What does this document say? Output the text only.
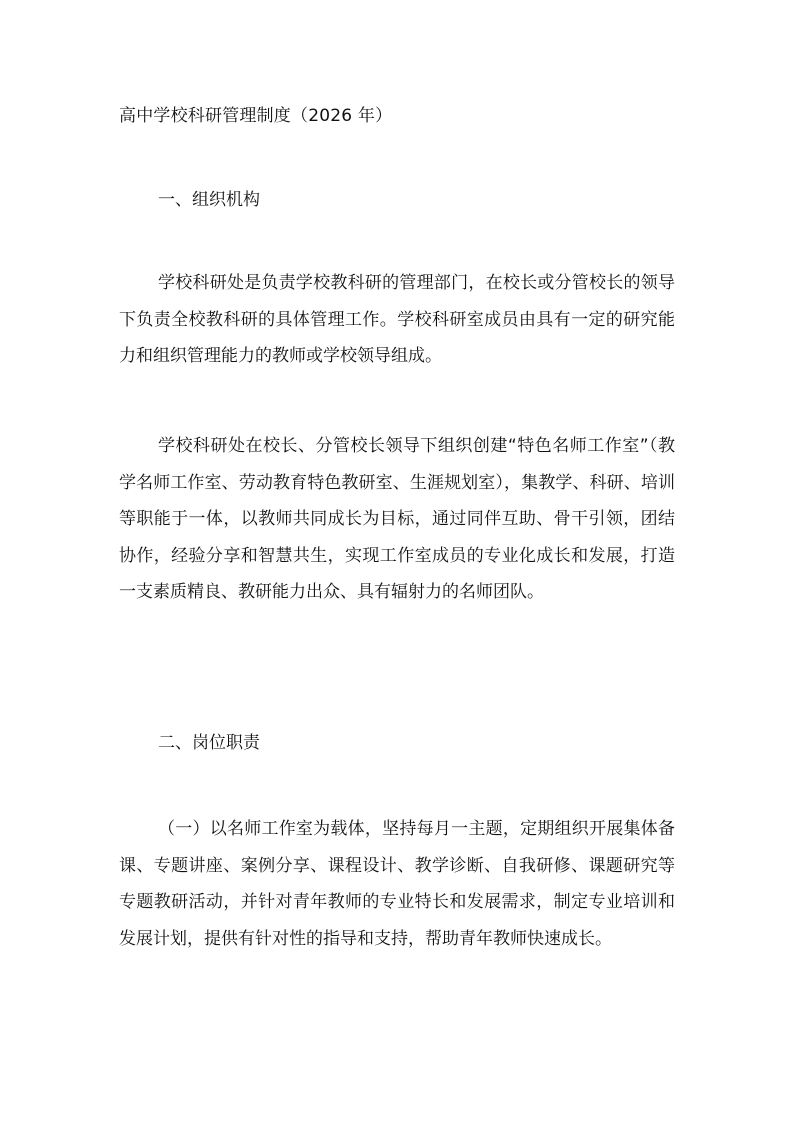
高中学校科研管理制度（2026 年）
一、组织机构

学校科研处是负责学校教科研的管理部门，在校长或分管校长的领导下负责全校教科研的具体管理工作。学校科研室成员由具有一定的研究能力和组织管理能力的教师或学校领导组成。

学校科研处在校长、分管校长领导下组织创建“特色名师工作室”（教学名师工作室、劳动教育特色教研室、生涯规划室），集教学、科研、培训等职能于一体，以教师共同成长为目标，通过同伴互助、骨干引领，团结协作，经验分享和智慧共生，实现工作室成员的专业化成长和发展，打造一支素质精良、教研能力出众、具有辐射力的名师团队。

二、岗位职责

（一）以名师工作室为载体，坚持每月一主题，定期组织开展集体备课、专题讲座、案例分享、课程设计、教学诊断、自我研修、课题研究等专题教研活动，并针对青年教师的专业特长和发展需求，制定专业培训和发展计划，提供有针对性的指导和支持，帮助青年教师快速成长。
